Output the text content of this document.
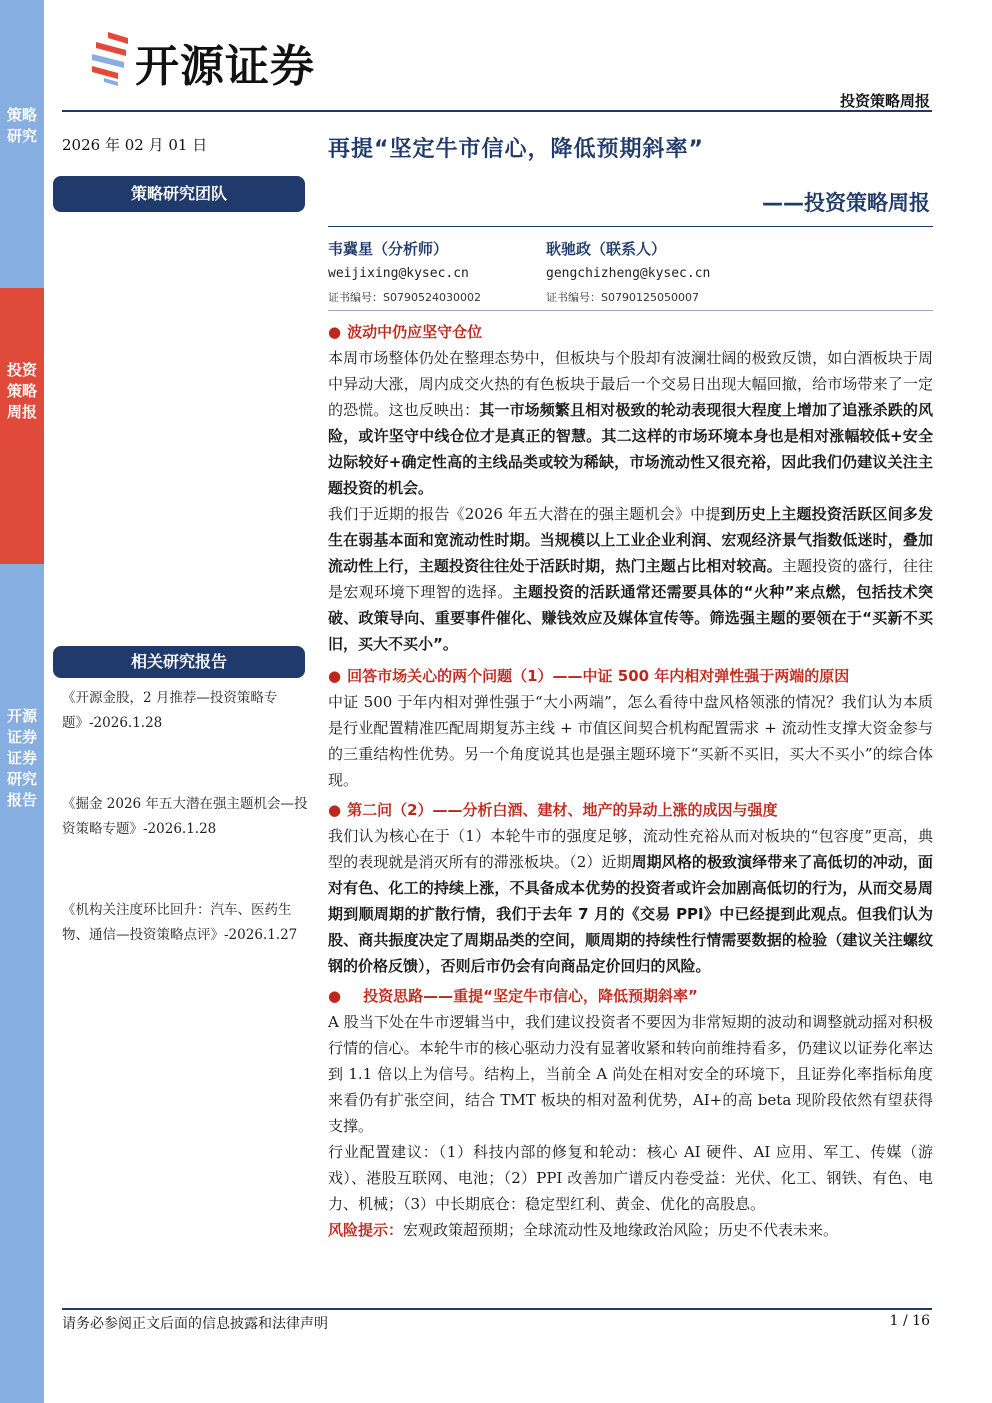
策略研究
投资策略周报
开源证券 证券研究报告
开源证券
投资策略周报
2026 年 02 月 01 日	再提“坚定牛市信心，降低预期斜率”
——投资策略周报
策略研究团队
韦冀星（分析师）
weijixing@kysec.cn
证书编号：S0790524030002
耿驰政（联系人）
gengchizheng@kysec.cn
证书编号：S0790125050007
相关研究报告
《开源金股，2 月推荐—投资策略专题》-2026.1.28
《掘金 2026 年五大潜在强主题机会—投资策略专题》-2026.1.28
《机构关注度环比回升：汽车、医药生物、通信—投资策略点评》-2026.1.27
● 波动中仍应坚守仓位

本周市场整体仍处在整理态势中，但板块与个股却有波澜壮阔的极致反馈，如白酒板块于周中异动大涨，周内成交火热的有色板块于最后一个交易日出现大幅回撤，给市场带来了一定的恐慌。这也反映出：其一市场频繁且相对极致的轮动表现很大程度上增加了追涨杀跌的风险，或许坚守中线仓位才是真正的智慧。其二这样的市场环境本身也是相对涨幅较低+安全边际较好+确定性高的主线品类或较为稀缺，市场流动性又很充裕，因此我们仍建议关注主题投资的机会。

我们于近期的报告《2026 年五大潜在的强主题机会》中提到历史上主题投资活跃区间多发生在弱基本面和宽流动性时期。当规模以上工业企业利润、宏观经济景气指数低迷时，叠加流动性上行，主题投资往往处于活跃时期，热门主题占比相对较高。主题投资的盛行，往往是宏观环境下理智的选择。主题投资的活跃通常还需要具体的“火种”来点燃，包括技术突破、政策导向、重要事件催化、赚钱效应及媒体宣传等。筛选强主题的要领在于“买新不买旧，买大不买小”。

● 回答市场关心的两个问题（1）——中证 500 年内相对弹性强于两端的原因

中证 500 于年内相对弹性强于“大小两端”，怎么看待中盘风格领涨的情况？我们认为本质是行业配置精准匹配周期复苏主线 + 市值区间契合机构配置需求 + 流动性支撑大资金参与的三重结构性优势。另一个角度说其也是强主题环境下“买新不买旧，买大不买小”的综合体现。

● 第二问（2）——分析白酒、建材、地产的异动上涨的成因与强度

我们认为核心在于（1）本轮牛市的强度足够，流动性充裕从而对板块的“包容度”更高，典型的表现就是消灭所有的滞涨板块。（2）近期周期风格的极致演绎带来了高低切的冲动，面对有色、化工的持续上涨，不具备成本优势的投资者或许会加剧高低切的行为，从而交易周期到顺周期的扩散行情，我们于去年 7 月的《交易 PPI》中已经提到此观点。但我们认为股、商共振度决定了周期品类的空间，顺周期的持续性行情需要数据的检验（建议关注螺纹钢的价格反馈），否则后市仍会有向商品定价回归的风险。

● 投资思路——重提“坚定牛市信心，降低预期斜率”

A 股当下处在牛市逻辑当中，我们建议投资者不要因为非常短期的波动和调整就动摇对积极行情的信心。本轮牛市的核心驱动力没有显著收紧和转向前维持看多，仍建议以证券化率达到 1.1 倍以上为信号。结构上，当前全 A 尚处在相对安全的环境下，且证券化率指标角度来看仍有扩张空间，结合 TMT 板块的相对盈利优势，AI+的高 beta 现阶段依然有望获得支撑。

行业配置建议：（1）科技内部的修复和轮动：核心 AI 硬件、AI 应用、军工、传媒（游戏）、港股互联网、电池；（2）PPI 改善加广谱反内卷受益：光伏、化工、钢铁、有色、电力、机械；（3）中长期底仓：稳定型红利、黄金、优化的高股息。

风险提示：宏观政策超预期；全球流动性及地缘政治风险；历史不代表未来。

请务必参阅正文后面的信息披露和法律声明	1 / 16
